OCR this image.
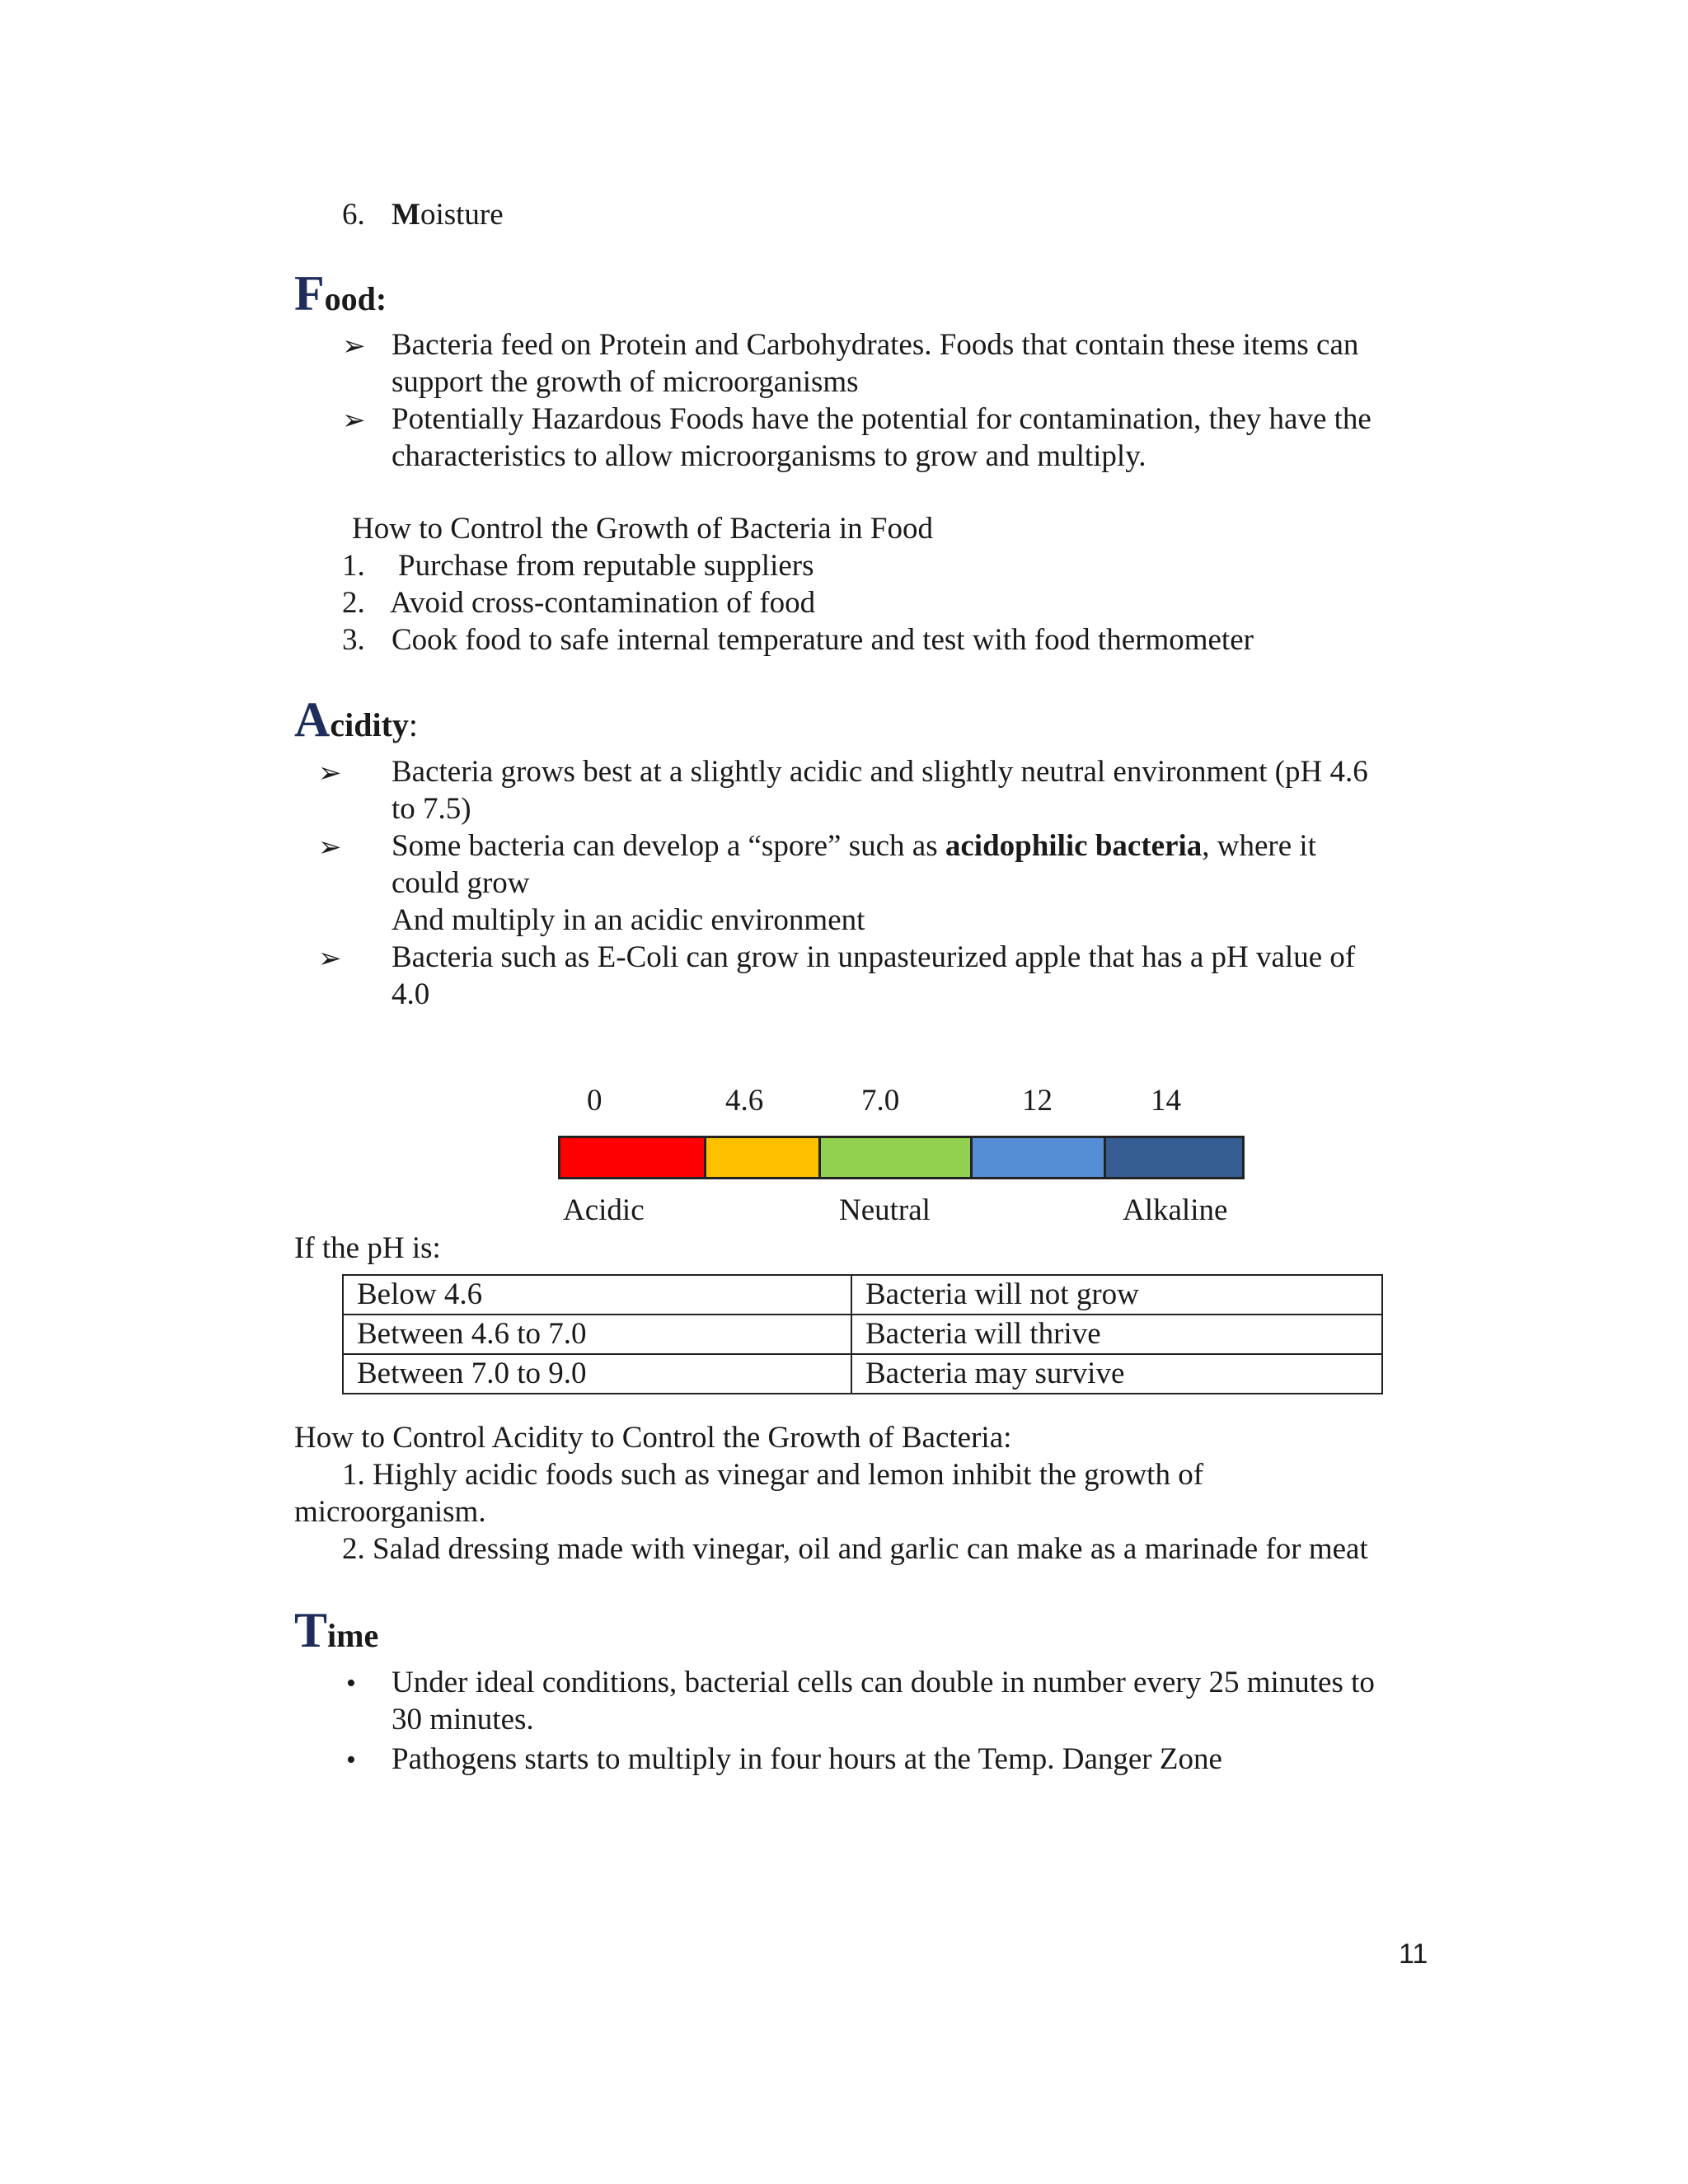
6. Moisture
Food:
➢ Bacteria feed on Protein and Carbohydrates. Foods that contain these items can
support the growth of microorganisms
➢ Potentially Hazardous Foods have the potential for contamination, they have the
characteristics to allow microorganisms to grow and multiply.
How to Control the Growth of Bacteria in Food
1. Purchase from reputable suppliers
2. Avoid cross-contamination of food
3. Cook food to safe internal temperature and test with food thermometer
Acidity:
➢ Bacteria grows best at a slightly acidic and slightly neutral environment (pH 4.6
to 7.5)
➢ Some bacteria can develop a “spore” such as acidophilic bacteria, where it
could grow
And multiply in an acidic environment
➢ Bacteria such as E-Coli can grow in unpasteurized apple that has a pH value of
4.0
0	4.6	7.0	12	14
Acidic	Neutral	Alkaline
If the pH is:
Below 4.6	Bacteria will not grow
Between 4.6 to 7.0	Bacteria will thrive
Between 7.0 to 9.0	Bacteria may survive
How to Control Acidity to Control the Growth of Bacteria:
1. Highly acidic foods such as vinegar and lemon inhibit the growth of
microorganism.
2. Salad dressing made with vinegar, oil and garlic can make as a marinade for meat
Time
• Under ideal conditions, bacterial cells can double in number every 25 minutes to
30 minutes.
• Pathogens starts to multiply in four hours at the Temp. Danger Zone
11
